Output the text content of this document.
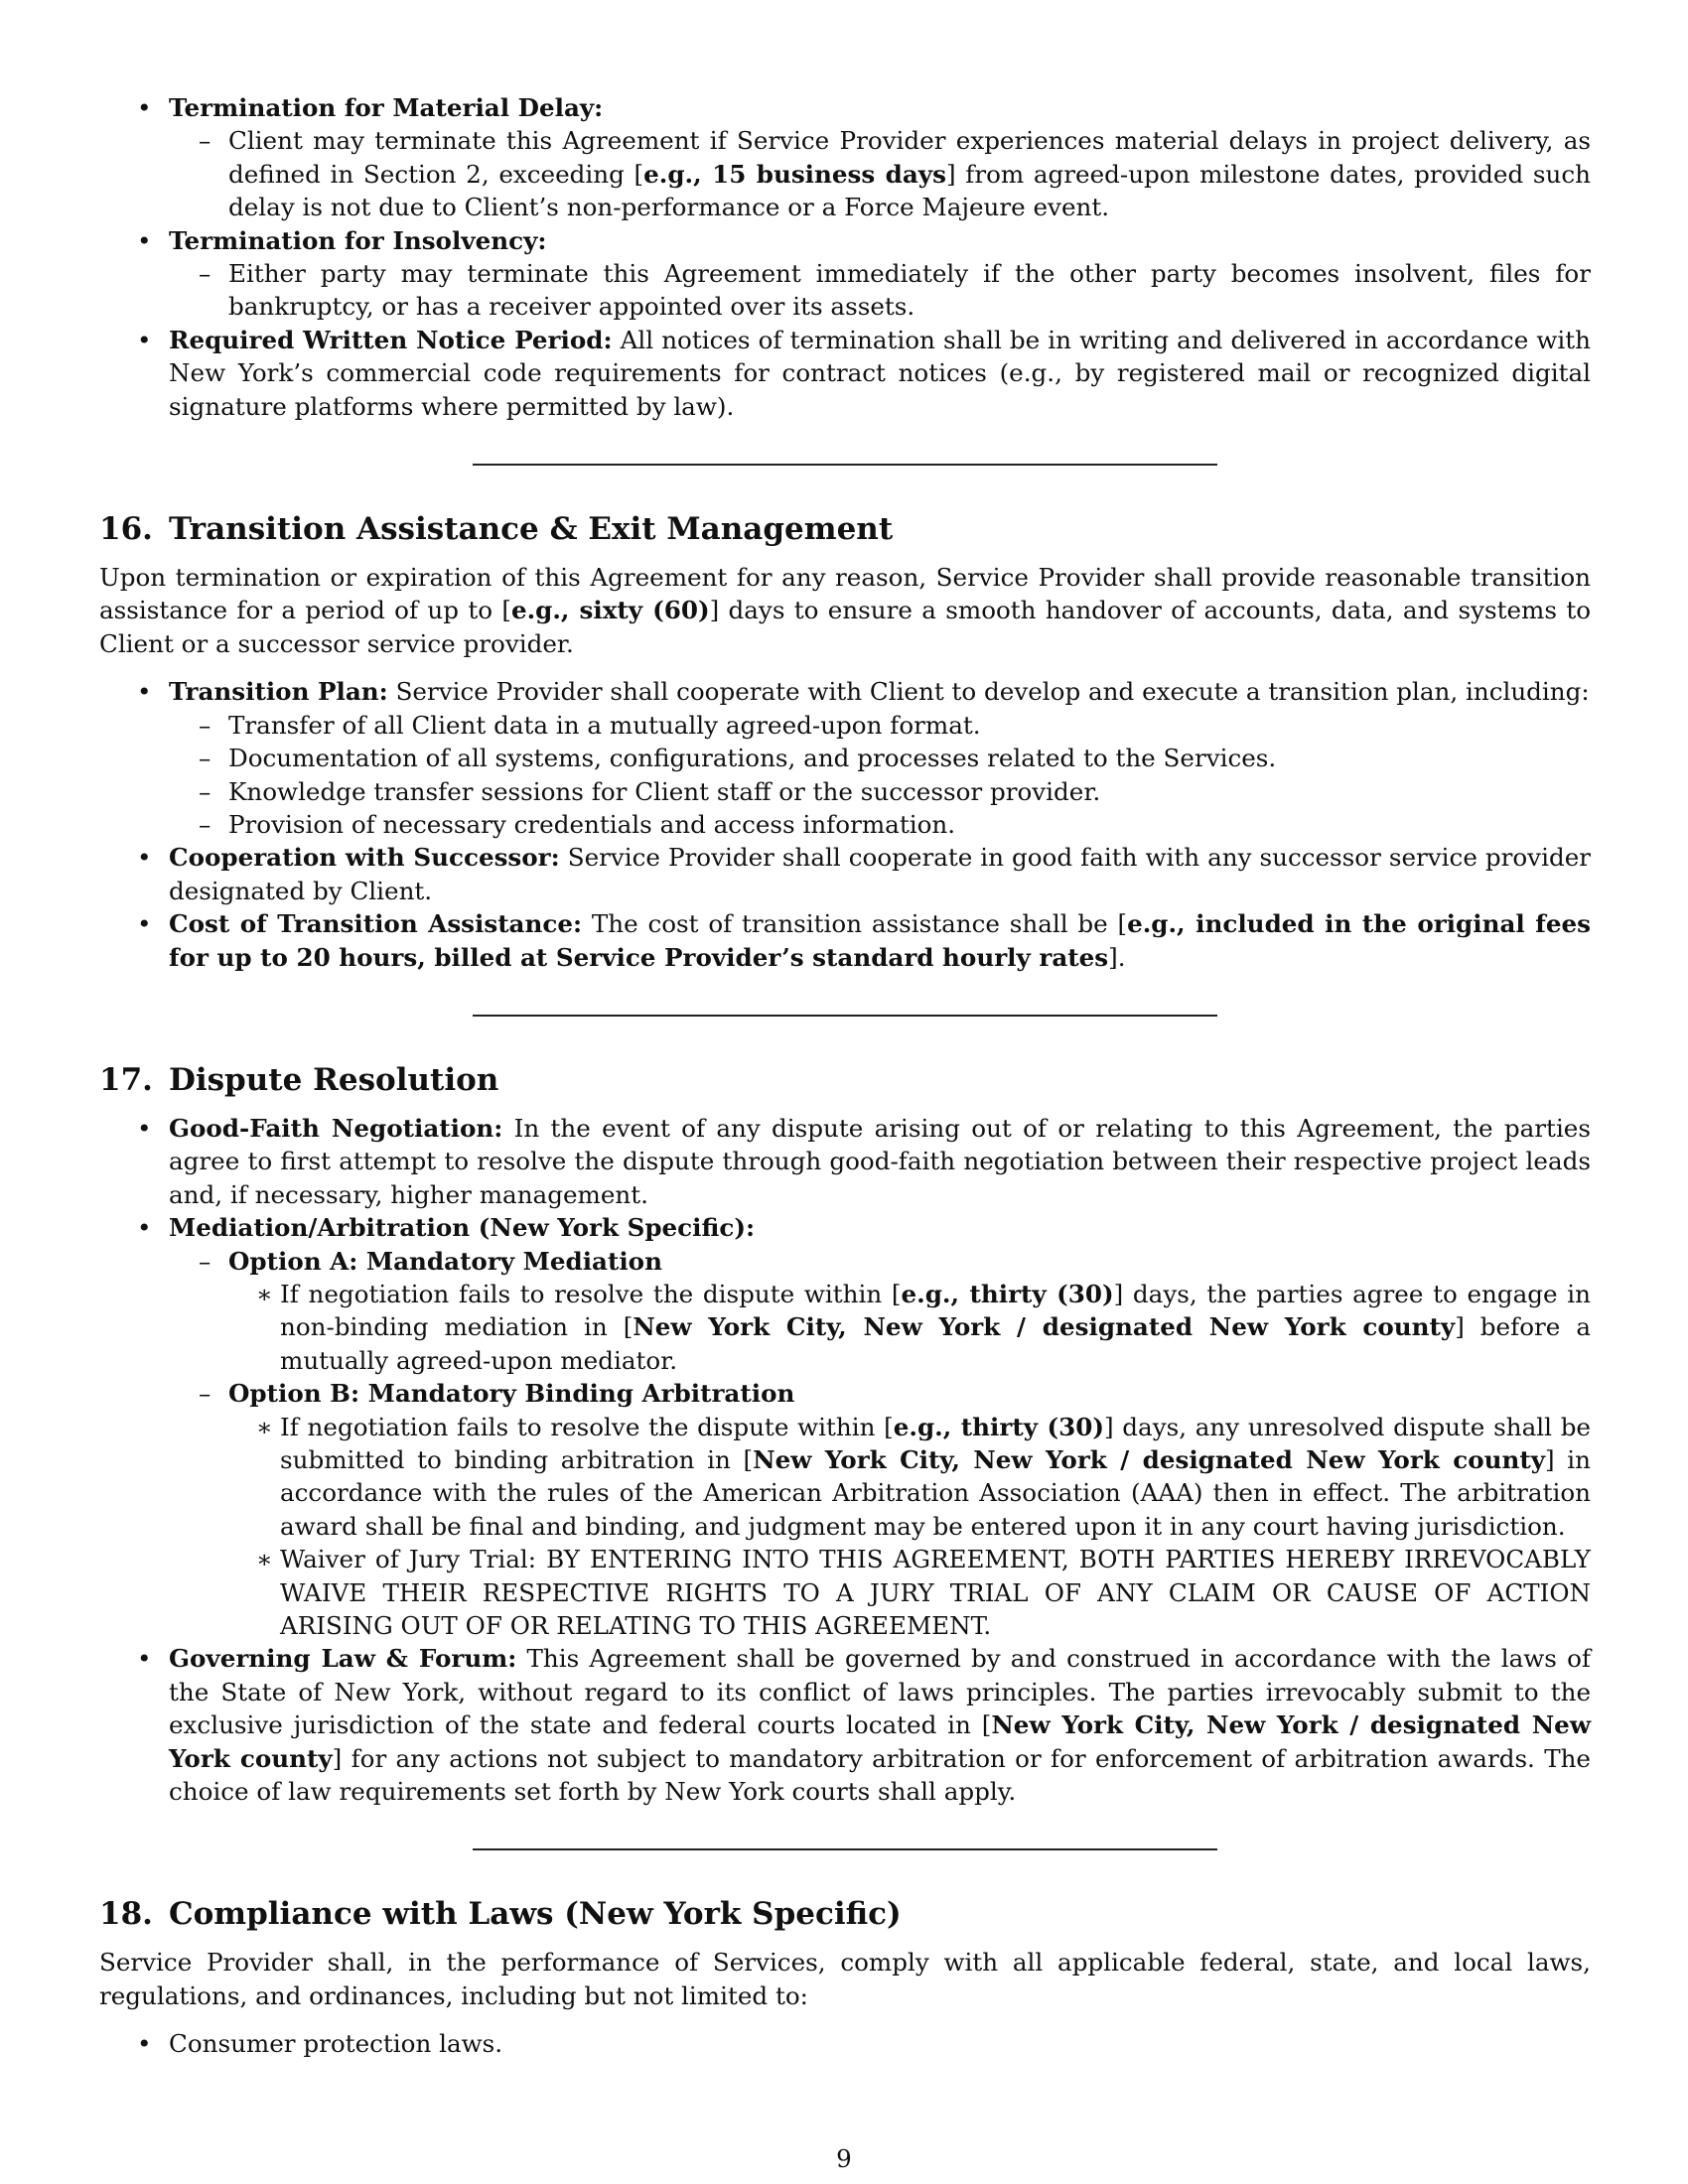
• Termination for Material Delay:
– Client may terminate this Agreement if Service Provider experiences material delays in project delivery, as defined in Section 2, exceeding [e.g., 15 business days] from agreed-upon milestone dates, provided such delay is not due to Client’s non-performance or a Force Majeure event.
• Termination for Insolvency:
– Either party may terminate this Agreement immediately if the other party becomes insolvent, files for bankruptcy, or has a receiver appointed over its assets.
• Required Written Notice Period: All notices of termination shall be in writing and delivered in accordance with New York’s commercial code requirements for contract notices (e.g., by registered mail or recognized digital signature platforms where permitted by law).
16. Transition Assistance & Exit Management

Upon termination or expiration of this Agreement for any reason, Service Provider shall provide reasonable transition assistance for a period of up to [e.g., sixty (60)] days to ensure a smooth handover of accounts, data, and systems to Client or a successor service provider.

• Transition Plan: Service Provider shall cooperate with Client to develop and execute a transition plan, including:
– Transfer of all Client data in a mutually agreed-upon format.
– Documentation of all systems, configurations, and processes related to the Services.
– Knowledge transfer sessions for Client staff or the successor provider.
– Provision of necessary credentials and access information.
• Cooperation with Successor: Service Provider shall cooperate in good faith with any successor service provider designated by Client.
• Cost of Transition Assistance: The cost of transition assistance shall be [e.g., included in the original fees for up to 20 hours, billed at Service Provider’s standard hourly rates].
17. Dispute Resolution
• Good-Faith Negotiation: In the event of any dispute arising out of or relating to this Agreement, the parties agree to first attempt to resolve the dispute through good-faith negotiation between their respective project leads and, if necessary, higher management.
• Mediation/Arbitration (New York Specific):
– Option A: Mandatory Mediation
∗ If negotiation fails to resolve the dispute within [e.g., thirty (30)] days, the parties agree to engage in non-binding mediation in [New York City, New York / designated New York county] before a mutually agreed-upon mediator.
– Option B: Mandatory Binding Arbitration
∗ If negotiation fails to resolve the dispute within [e.g., thirty (30)] days, any unresolved dispute shall be submitted to binding arbitration in [New York City, New York / designated New York county] in accordance with the rules of the American Arbitration Association (AAA) then in effect. The arbitration award shall be final and binding, and judgment may be entered upon it in any court having jurisdiction.
∗ Waiver of Jury Trial: BY ENTERING INTO THIS AGREEMENT, BOTH PARTIES HEREBY IRREVOCABLY WAIVE THEIR RESPECTIVE RIGHTS TO A JURY TRIAL OF ANY CLAIM OR CAUSE OF ACTION ARISING OUT OF OR RELATING TO THIS AGREEMENT.
• Governing Law & Forum: This Agreement shall be governed by and construed in accordance with the laws of the State of New York, without regard to its conflict of laws principles. The parties irrevocably submit to the exclusive jurisdiction of the state and federal courts located in [New York City, New York / designated New York county] for any actions not subject to mandatory arbitration or for enforcement of arbitration awards. The choice of law requirements set forth by New York courts shall apply.
18. Compliance with Laws (New York Specific)

Service Provider shall, in the performance of Services, comply with all applicable federal, state, and local laws, regulations, and ordinances, including but not limited to:

• Consumer protection laws.
9
